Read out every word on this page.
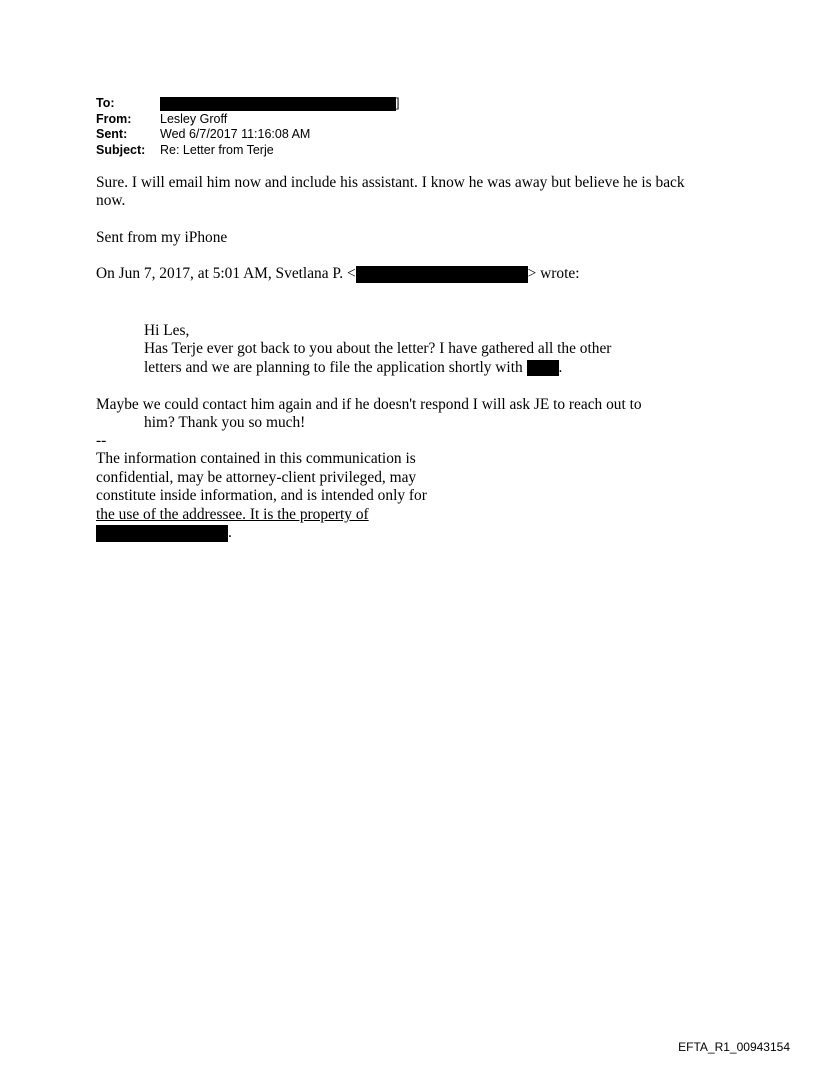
To:	]
From:	Lesley Groff
Sent:	Wed 6/7/2017 11:16:08 AM
Subject:	Re: Letter from Terje
Sure. I will email him now and include his assistant. I know he was away but believe he is back
now.
Sent from my iPhone
On Jun 7, 2017, at 5:01 AM, Svetlana P. <	> wrote:
Hi Les,
Has Terje ever got back to you about the letter? I have gathered all the other
letters and we are planning to file the application shortly with .
Maybe we could contact him again and if he doesn't respond I will ask JE to reach out to
him? Thank you so much!
--
The information contained in this communication is
confidential, may be attorney-client privileged, may
constitute inside information, and is intended only for
the use of the addressee. It is the property of
.
EFTA_R1_00943154
